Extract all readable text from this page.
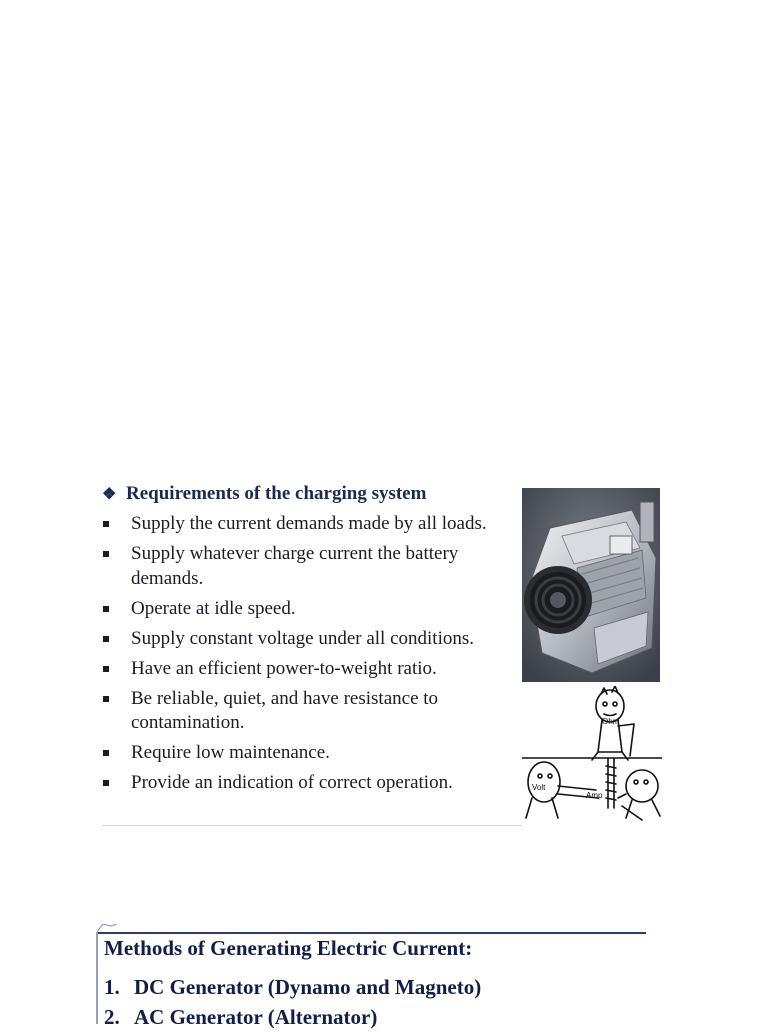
❖ Requirements of the charging system
Supply the current demands made by all loads.
Supply whatever charge current the battery demands.
Operate at idle speed.
Supply constant voltage under all conditions.
Have an efficient power-to-weight ratio.
Be reliable, quiet, and have resistance to contamination.
Require low maintenance.
Provide an indication of correct operation.
Ohm
Volt
Amp
Methods of Generating Electric Current:
1. DC Generator (Dynamo and Magneto)
2. AC Generator (Alternator)
